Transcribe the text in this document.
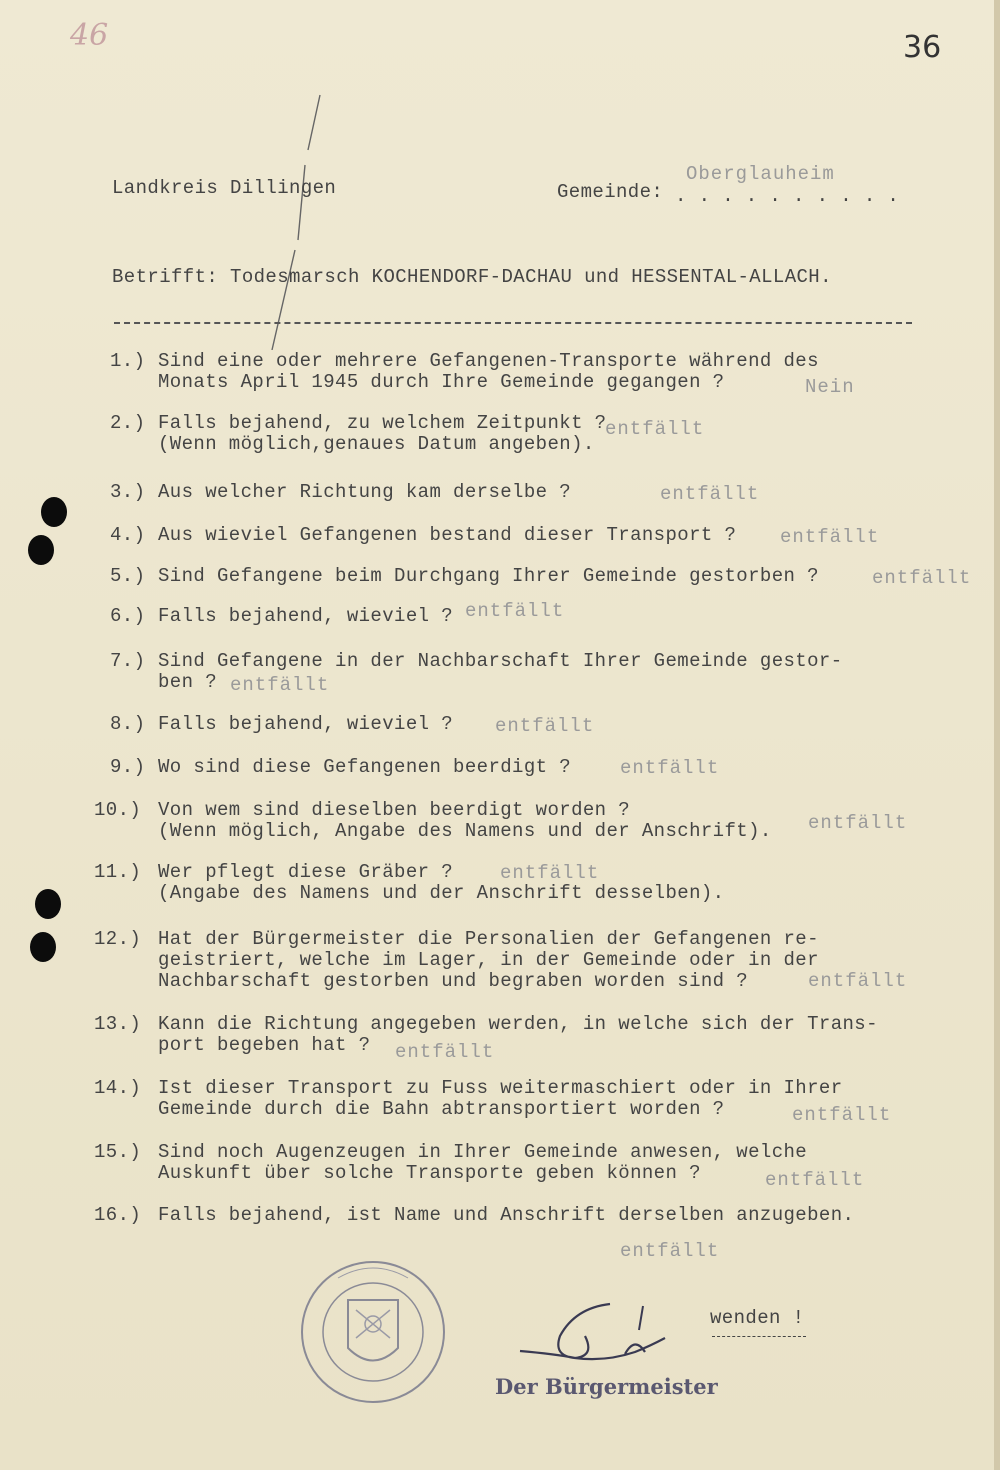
46	36
Landkreis Dillingen	Gemeinde:
Oberglauheim
. . . . . . . . . .
Betrifft: Todesmarsch KOCHENDORF-DACHAU und HESSENTAL-ALLACH.
1.) Sind eine oder mehrere Gefangenen-Transporte während des
Monats April 1945 durch Ihre Gemeinde gegangen ?	Nein
2.) Falls bejahend, zu welchem Zeitpunkt ?
(Wenn möglich,genaues Datum angeben).
entfällt
3.) Aus welcher Richtung kam derselbe ?	entfällt
4.) Aus wieviel Gefangenen bestand dieser Transport ? entfällt
5.) Sind Gefangene beim Durchgang Ihrer Gemeinde gestorben ?	entfällt
6.) Falls bejahend, wieviel ? entfällt
7.) Sind Gefangene in der Nachbarschaft Ihrer Gemeinde gestor-
ben ? entfällt
8.) Falls bejahend, wieviel ? entfällt
9.) Wo sind diese Gefangenen beerdigt ?	entfällt
10.) Von wem sind dieselben beerdigt worden ?
(Wenn möglich, Angabe des Namens und der Anschrift). entfällt
11.) Wer pflegt diese Gräber ?
(Angabe des Namens und der Anschrift desselben).
entfällt
12.) Hat der Bürgermeister die Personalien der Gefangenen re-
geistriert, welche im Lager, in der Gemeinde oder in der
Nachbarschaft gestorben und begraben worden sind ?	entfällt
13.) Kann die Richtung angegeben werden, in welche sich der Trans-
port begeben hat ? entfällt
14.) Ist dieser Transport zu Fuss weitermaschiert oder in Ihrer
Gemeinde durch die Bahn abtransportiert worden ?	entfällt
15.) Sind noch Augenzeugen in Ihrer Gemeinde anwesen, welche
Auskunft über solche Transporte geben können ?	entfällt
16.) Falls bejahend, ist Name und Anschrift derselben anzugeben.
entfällt
wenden !
Der Bürgermeister
